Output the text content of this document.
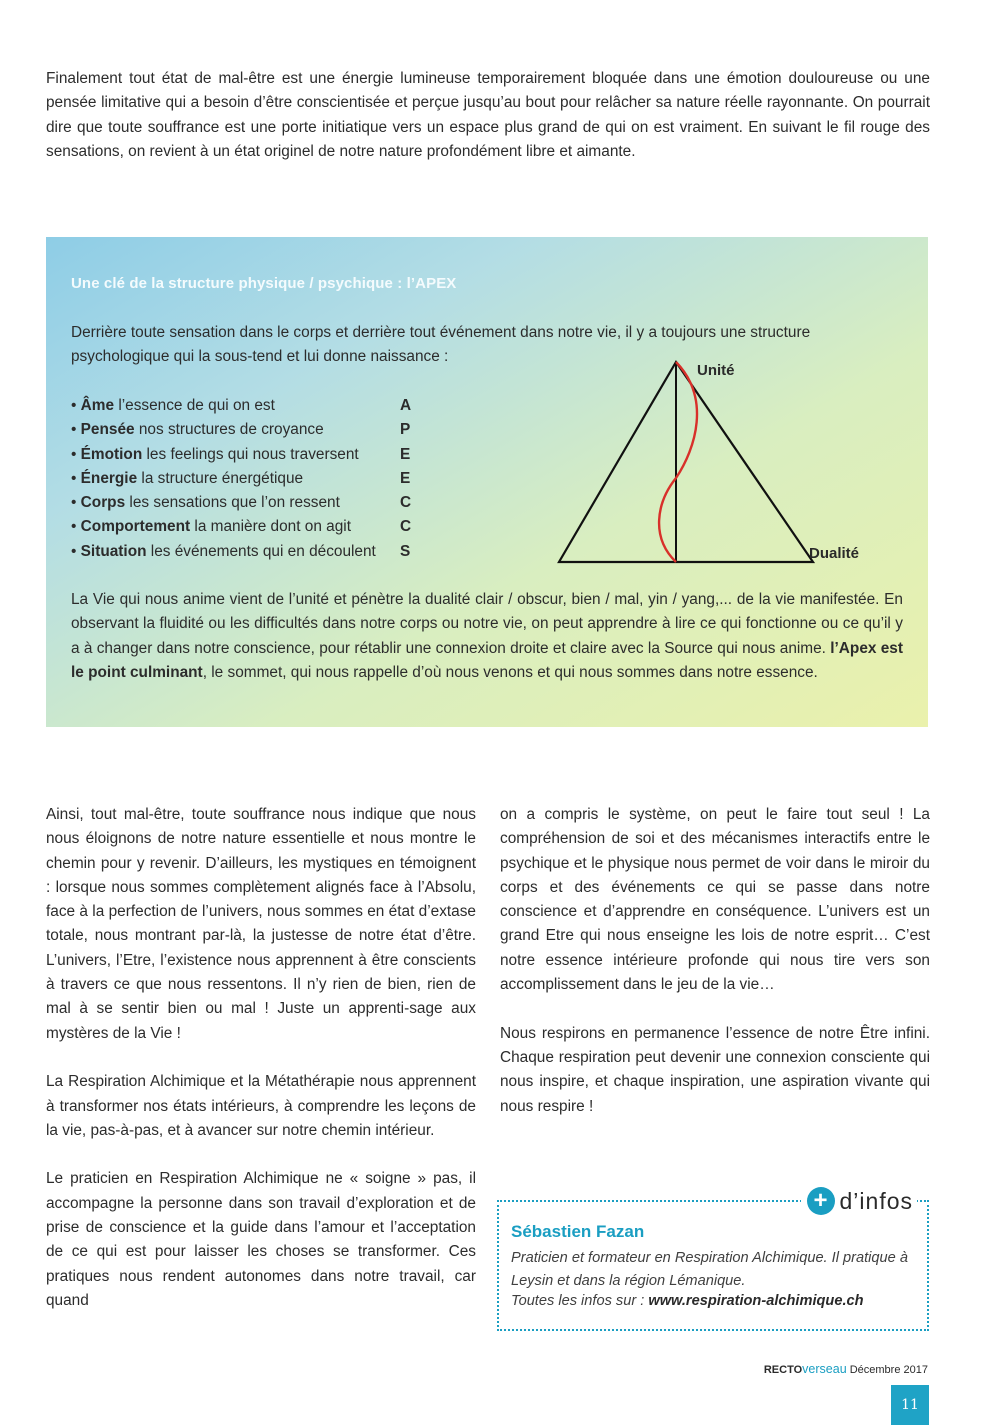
Finalement tout état de mal-être est une énergie lumineuse temporairement bloquée dans une émotion douloureuse ou une pensée limitative qui a besoin d’être conscientisée et perçue jusqu’au bout pour relâcher sa nature réelle rayonnante. On pourrait dire que toute souffrance est une porte initiatique vers un espace plus grand de qui on est vraiment. En suivant le fil rouge des sensations, on revient à un état originel de notre nature profondément libre et aimante.

Une clé de la structure physique / psychique : l’APEX
Derrière toute sensation dans le corps et derrière tout événement dans notre vie, il y a toujours une structure psychologique qui la sous-tend et lui donne naissance :
• Âme l’essence de qui on est	A
• Pensée nos structures de croyance	P
• Émotion les feelings qui nous traversent	E
• Énergie la structure énergétique	E
• Corps les sensations que l’on ressent	C
• Comportement la manière dont on agit	C
• Situation les événements qui en découlent S
Unité
Dualité
La Vie qui nous anime vient de l’unité et pénètre la dualité clair / obscur, bien / mal, yin / yang,... de la vie manifestée. En observant la fluidité ou les difficultés dans notre corps ou notre vie, on peut apprendre à lire ce qui fonctionne ou ce qu’il y a à changer dans notre conscience, pour rétablir une connexion droite et claire avec la Source qui nous anime. l’Apex est le point culminant, le sommet, qui nous rappelle d’où nous venons et qui nous sommes dans notre essence.

Ainsi, tout mal-être, toute souffrance nous indique que nous nous éloignons de notre nature essentielle et nous montre le chemin pour y revenir. D’ailleurs, les mystiques en témoignent : lorsque nous sommes complètement alignés face à l’Absolu, face à la perfection de l’univers, nous sommes en état d’extase totale, nous montrant par-là, la justesse de notre état d’être. L’univers, l’Etre, l’existence nous apprennent à être conscients à travers ce que nous ressentons. Il n’y rien de bien, rien de mal à se sentir bien ou mal ! Juste un apprenti-sage aux mystères de la Vie !

La Respiration Alchimique et la Métathérapie nous apprennent à transformer nos états intérieurs, à comprendre les leçons de la vie, pas-à-pas, et à avancer sur notre chemin intérieur.

Le praticien en Respiration Alchimique ne « soigne » pas, il accompagne la personne dans son travail d’exploration et de prise de conscience et la guide dans l’amour et l’acceptation de ce qui est pour laisser les choses se transformer. Ces pratiques nous rendent autonomes dans notre travail, car quand

on a compris le système, on peut le faire tout seul ! La compréhension de soi et des mécanismes interactifs entre le psychique et le physique nous permet de voir dans le miroir du corps et des événements ce qui se passe dans notre conscience et d’apprendre en conséquence. L’univers est un grand Etre qui nous enseigne les lois de notre esprit… C’est notre essence intérieure profonde qui nous tire vers son accomplissement dans le jeu de la vie…

Nous respirons en permanence l’essence de notre Être infini. Chaque respiration peut devenir une connexion consciente qui nous inspire, et chaque inspiration, une aspiration vivante qui nous respire !

+ d’infos
Sébastien Fazan
Praticien et formateur en Respiration Alchimique. Il pratique à Leysin et dans la région Lémanique.
Toutes les infos sur : www.respiration-alchimique.ch
RECTOverseau Décembre 2017
11
